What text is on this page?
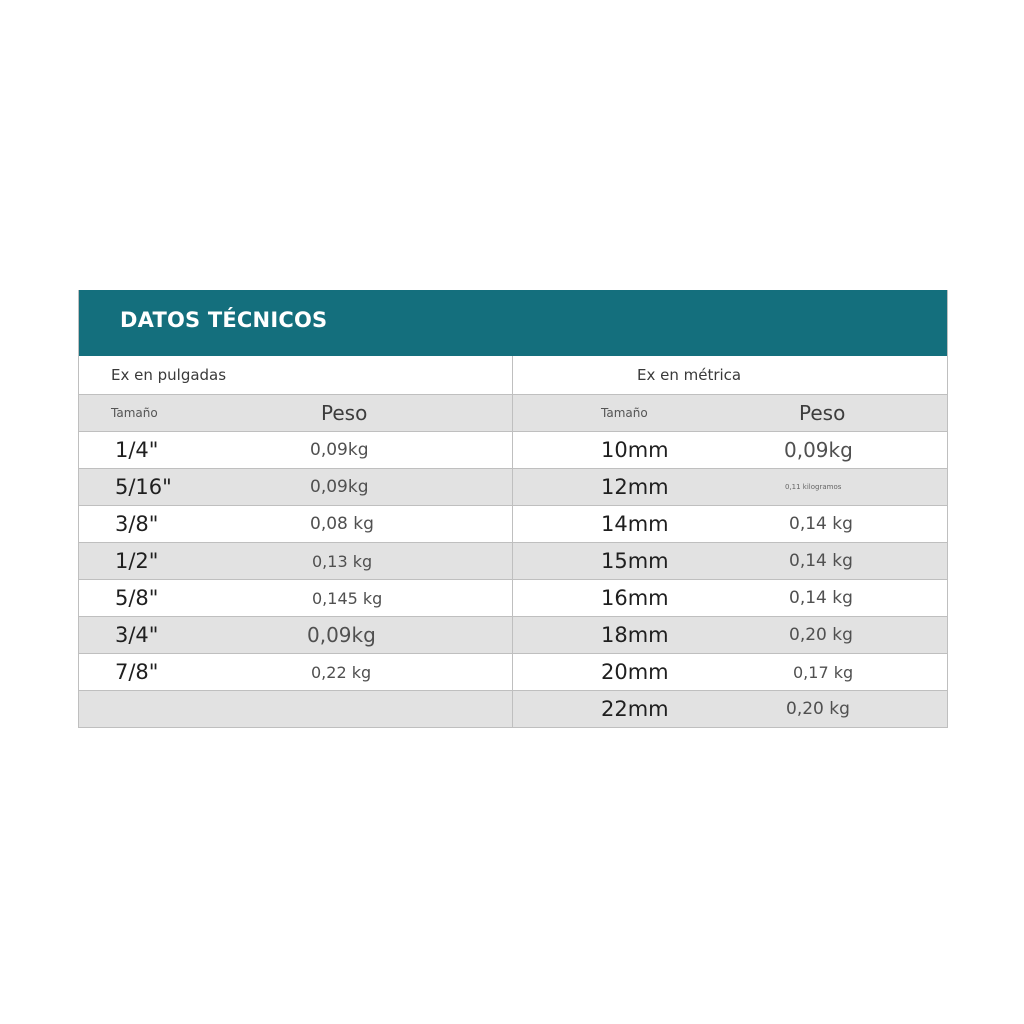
DATOS TÉCNICOS
Ex en pulgadas
Tamaño	Peso
1/4"	0,09kg
5/16"	0,09kg
3/8"	0,08 kg
1/2"	0,13 kg
5/8"	0,145 kg
3/4"	0,09kg
7/8"	0,22 kg
Ex en métrica
Tamaño	Peso
10mm	0,09kg
12mm	0,11 kilogramos
14mm	0,14 kg
15mm	0,14 kg
16mm	0,14 kg
18mm	0,20 kg
20mm	0,17 kg
22mm	0,20 kg
